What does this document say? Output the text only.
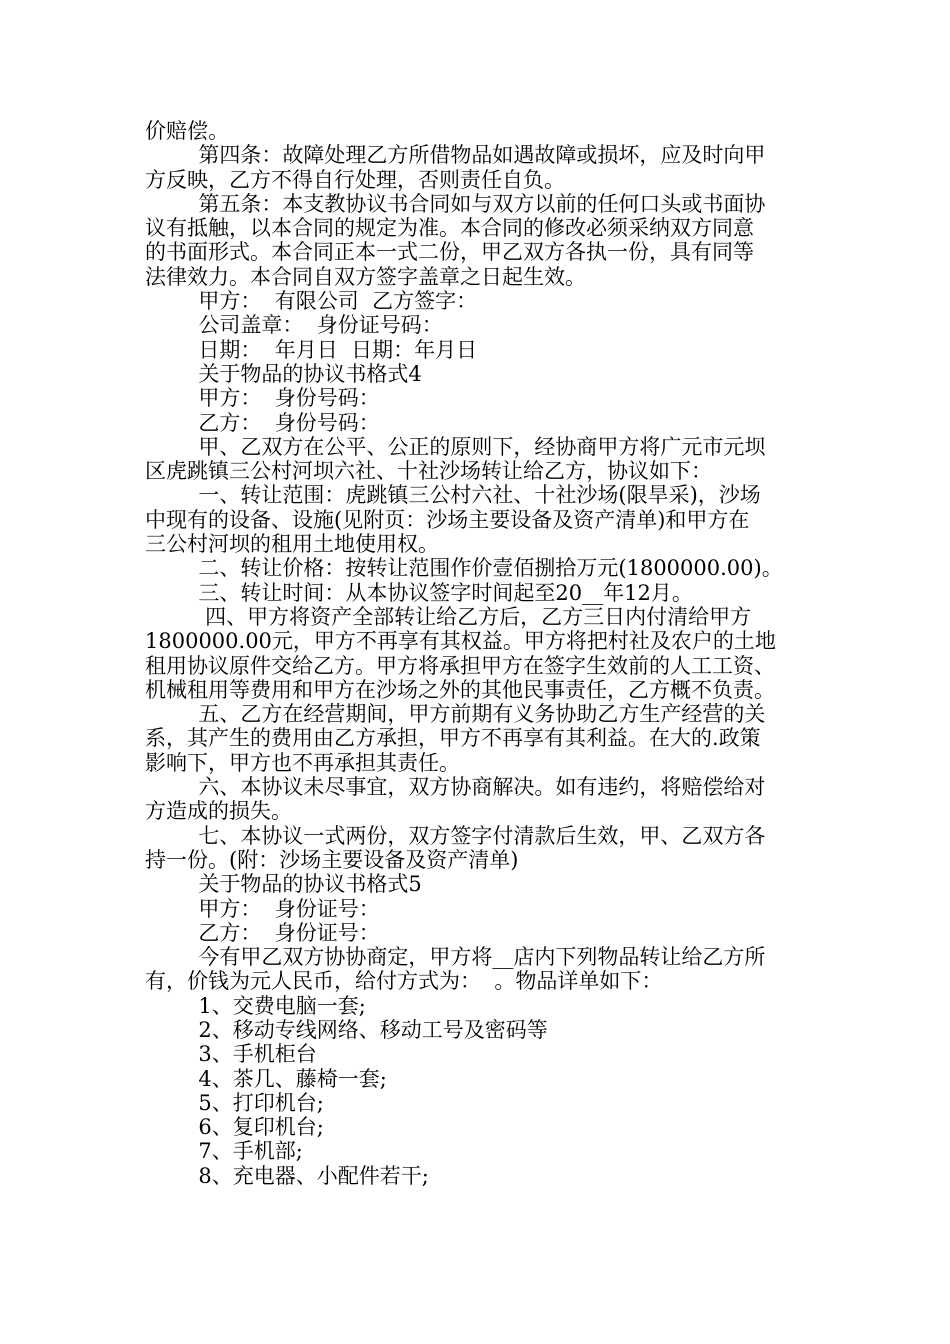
价赔偿。
第四条：故障处理乙方所借物品如遇故障或损坏，应及时向甲
方反映，乙方不得自行处理，否则责任自负。
第五条：本支教协议书合同如与双方以前的任何口头或书面协
议有抵触，以本合同的规定为准。本合同的修改必须采纳双方同意
的书面形式。本合同正本一式二份，甲乙双方各执一份，具有同等
法律效力。本合同自双方签字盖章之日起生效。
甲方：  有限公司  乙方签字：
公司盖章：  身份证号码：
日期：  年月日  日期：年月日
关于物品的协议书格式4
甲方：  身份号码：
乙方：  身份号码：
甲、乙双方在公平、公正的原则下，经协商甲方将广元市元坝
区虎跳镇三公村河坝六社、十社沙场转让给乙方，协议如下：
一、转让范围：虎跳镇三公村六社、十社沙场(限旱采)，沙场
中现有的设备、设施(见附页：沙场主要设备及资产清单)和甲方在
三公村河坝的租用土地使用权。
二、转让价格：按转让范围作价壹佰捌拾万元(1800000.00)。
三、转让时间：从本协议签字时间起至20__年12月。
四、甲方将资产全部转让给乙方后，乙方三日内付清给甲方
1800000.00元，甲方不再享有其权益。甲方将把村社及农户的土地
租用协议原件交给乙方。甲方将承担甲方在签字生效前的人工工资、
机械租用等费用和甲方在沙场之外的其他民事责任，乙方概不负责。
五、乙方在经营期间，甲方前期有义务协助乙方生产经营的关
系，其产生的费用由乙方承担，甲方不再享有其利益。在大的.政策
影响下，甲方也不再承担其责任。
六、本协议未尽事宜，双方协商解决。如有违约，将赔偿给对
方造成的损失。
七、本协议一式两份，双方签字付清款后生效，甲、乙双方各
持一份。(附：沙场主要设备及资产清单)
关于物品的协议书格式5
甲方：  身份证号：
乙方：  身份证号：
今有甲乙双方协协商定，甲方将__店内下列物品转让给乙方所
有，价钱为元人民币，给付方式为：  。物品详单如下：
1、交费电脑一套;
2、移动专线网络、移动工号及密码等
3、手机柜台
4、茶几、藤椅一套;
5、打印机台;
6、复印机台;
7、手机部;
8、充电器、小配件若干;
